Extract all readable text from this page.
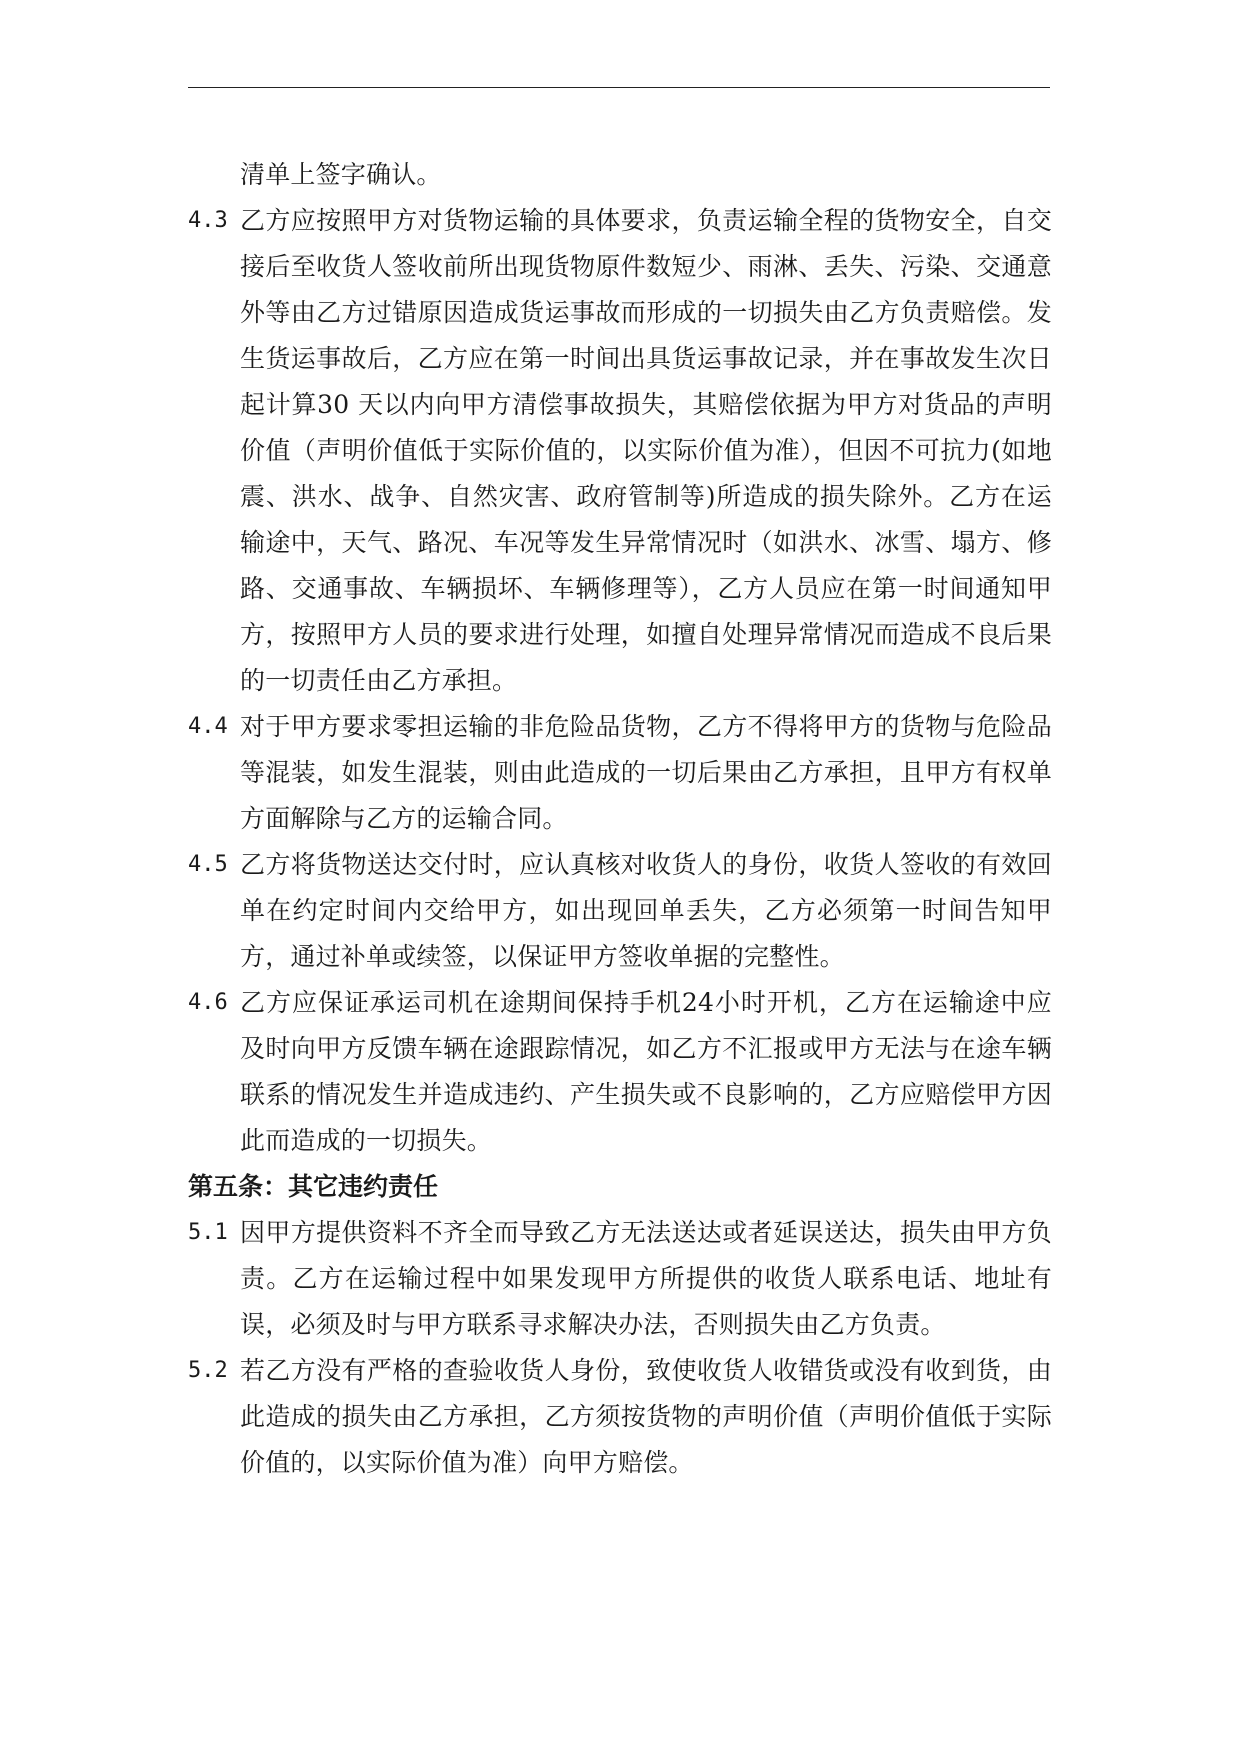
清单上签字确认。
4.3 乙方应按照甲方对货物运输的具体要求，负责运输全程的货物安全，自交接后至收货人签收前所出现货物原件数短少、雨淋、丢失、污染、交通意外等由乙方过错原因造成货运事故而形成的一切损失由乙方负责赔偿。发生货运事故后，乙方应在第一时间出具货运事故记录，并在事故发生次日起计算30 天以内向甲方清偿事故损失，其赔偿依据为甲方对货品的声明价值（声明价值低于实际价值的，以实际价值为准），但因不可抗力(如地震、洪水、战争、自然灾害、政府管制等)所造成的损失除外。乙方在运输途中，天气、路况、车况等发生异常情况时（如洪水、冰雪、塌方、修路、交通事故、车辆损坏、车辆修理等），乙方人员应在第一时间通知甲方，按照甲方人员的要求进行处理，如擅自处理异常情况而造成不良后果的一切责任由乙方承担。
4.4 对于甲方要求零担运输的非危险品货物，乙方不得将甲方的货物与危险品等混装，如发生混装，则由此造成的一切后果由乙方承担，且甲方有权单方面解除与乙方的运输合同。
4.5 乙方将货物送达交付时，应认真核对收货人的身份，收货人签收的有效回单在约定时间内交给甲方，如出现回单丢失，乙方必须第一时间告知甲方，通过补单或续签，以保证甲方签收单据的完整性。
4.6 乙方应保证承运司机在途期间保持手机24小时开机，乙方在运输途中应及时向甲方反馈车辆在途跟踪情况，如乙方不汇报或甲方无法与在途车辆联系的情况发生并造成违约、产生损失或不良影响的，乙方应赔偿甲方因此而造成的一切损失。
第五条：其它违约责任
5.1 因甲方提供资料不齐全而导致乙方无法送达或者延误送达，损失由甲方负责。乙方在运输过程中如果发现甲方所提供的收货人联系电话、地址有误，必须及时与甲方联系寻求解决办法，否则损失由乙方负责。
5.2 若乙方没有严格的查验收货人身份，致使收货人收错货或没有收到货，由此造成的损失由乙方承担，乙方须按货物的声明价值（声明价值低于实际价值的，以实际价值为准）向甲方赔偿。
